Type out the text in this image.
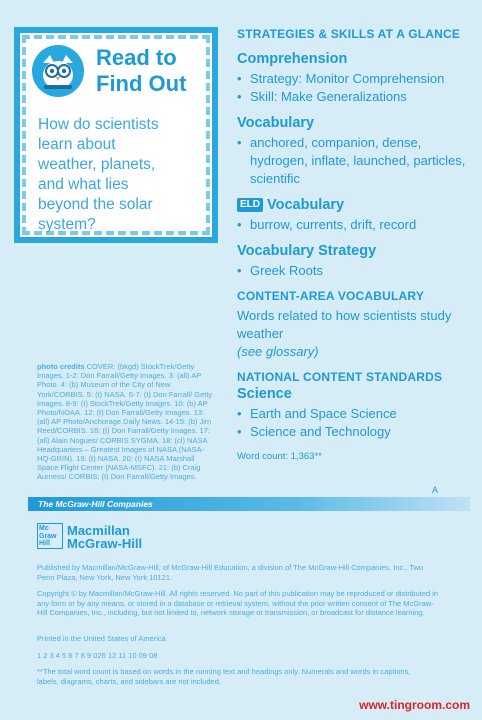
Read to
Find Out
How do scientists
learn about
weather, planets,
and what lies
beyond the solar
system?
STRATEGIES & SKILLS AT A GLANCE
Comprehension
• Strategy: Monitor Comprehension
• Skill: Make Generalizations
Vocabulary
• anchored, companion, dense, hydrogen, inflate, launched, particles, scientific
ELD Vocabulary
• burrow, currents, drift, record
Vocabulary Strategy
• Greek Roots
CONTENT-AREA VOCABULARY

Words related to how scientists study weather

(see glossary)

NATIONAL CONTENT STANDARDS
Science
• Earth and Space Science
• Science and Technology
Word count: 1,363**
photo credits COVER: (bkgd) StockTrek/Getty Images. 1-2: Don Farrall/Getty Images. 3: (all) AP Photo. 4: (b) Museum of the City of New York/CORBIS. 5: (t) NASA. 6-7: (t) Don Farrall/ Getty Images. 8-9: (t) StockTrek/Getty Images. 10: (b) AP Photo/NOAA. 12: (t) Don Farrall/Getty Images. 13: (all) AP Photo/Anchorage Daily News. 14-15: (b) Jim Reed/CORBIS. 16: (t) Don Farrall/Getty Images. 17: (all) Alain Nogues/ CORBIS SYGMA. 18: (cl) NASA Headquarters – Greatest Images of NASA (NASA-HQ-GRIN). 19: (t) NASA. 20: (t) NASA Marshall Space Flight Center (NASA-MSFC). 21: (b) Craig Aurness/ CORBIS; (t) Don Farrall/Getty Images.
A
The McGraw·Hill Companies
Mc
Graw
Hill
Macmillan
McGraw-Hill

Published by Macmillan/McGraw-Hill, of McGraw-Hill Education, a division of The McGraw-Hill Companies, Inc., Two Penn Plaza, New York, New York 10121.

Copyright © by Macmillan/McGraw-Hill. All rights reserved. No part of this publication may be reproduced or distributed in any form or by any means, or stored in a database or retrieval system, without the prior written consent of The McGraw-Hill Companies, Inc., including, but not limited to, network storage or transmission, or broadcast for distance learning.

Printed in the United States of America

1 2 3 4 5 6 7 8 9 026 12 11 10 09 08

**The total word count is based on words in the running text and headings only. Numerals and words in captions, labels, diagrams, charts, and sidebars are not included.

www.tingroom.com
